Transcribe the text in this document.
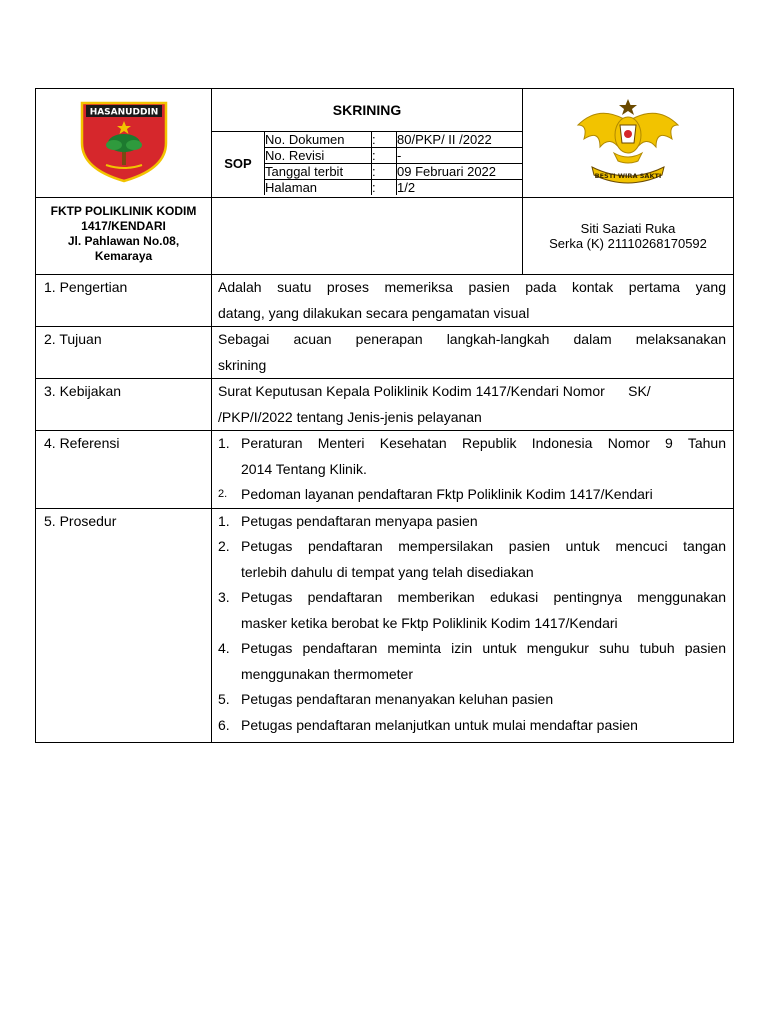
HASANUDDIN	SKRINING
SOP	No. Dokumen	:	80/PKP/ II /2022
No. Revisi	:	-
Tanggal terbit	:	09 Februari 2022
Halaman	:	1/2

BESTI WIRA SAKTI

FKTP POLIKLINIK KODIM
1417/KENDARI
Jl. Pahlawan No.08,
Kemaraya

Siti Saziati Ruka
Serka (K) 21110268170592

1. Pengertian	Adalah suatu proses memeriksa pasien pada kontak pertama yang
datang, yang dilakukan secara pengamatan visual

2. Tujuan	Sebagai acuan penerapan langkah-langkah dalam melaksanakan
skrining

3. Kebijakan	Surat Keputusan Kepala Poliklinik Kodim 1417/Kendari Nomor      SK/
/PKP/I/2022 tentang Jenis-jenis pelayanan

4. Referensi	1. Peraturan Menteri Kesehatan Republik Indonesia Nomor 9 Tahun
2014 Tentang Klinik.
2. Pedoman layanan pendaftaran Fktp Poliklinik Kodim 1417/Kendari

5. Prosedur	1. Petugas pendaftaran menyapa pasien
2. Petugas pendaftaran mempersilakan pasien untuk mencuci tangan
terlebih dahulu di tempat yang telah disediakan
3. Petugas pendaftaran memberikan edukasi pentingnya menggunakan
masker ketika berobat ke Fktp Poliklinik Kodim 1417/Kendari
4. Petugas pendaftaran meminta izin untuk mengukur suhu tubuh pasien
menggunakan thermometer
5. Petugas pendaftaran menanyakan keluhan pasien
6. Petugas pendaftaran melanjutkan untuk mulai mendaftar pasien
